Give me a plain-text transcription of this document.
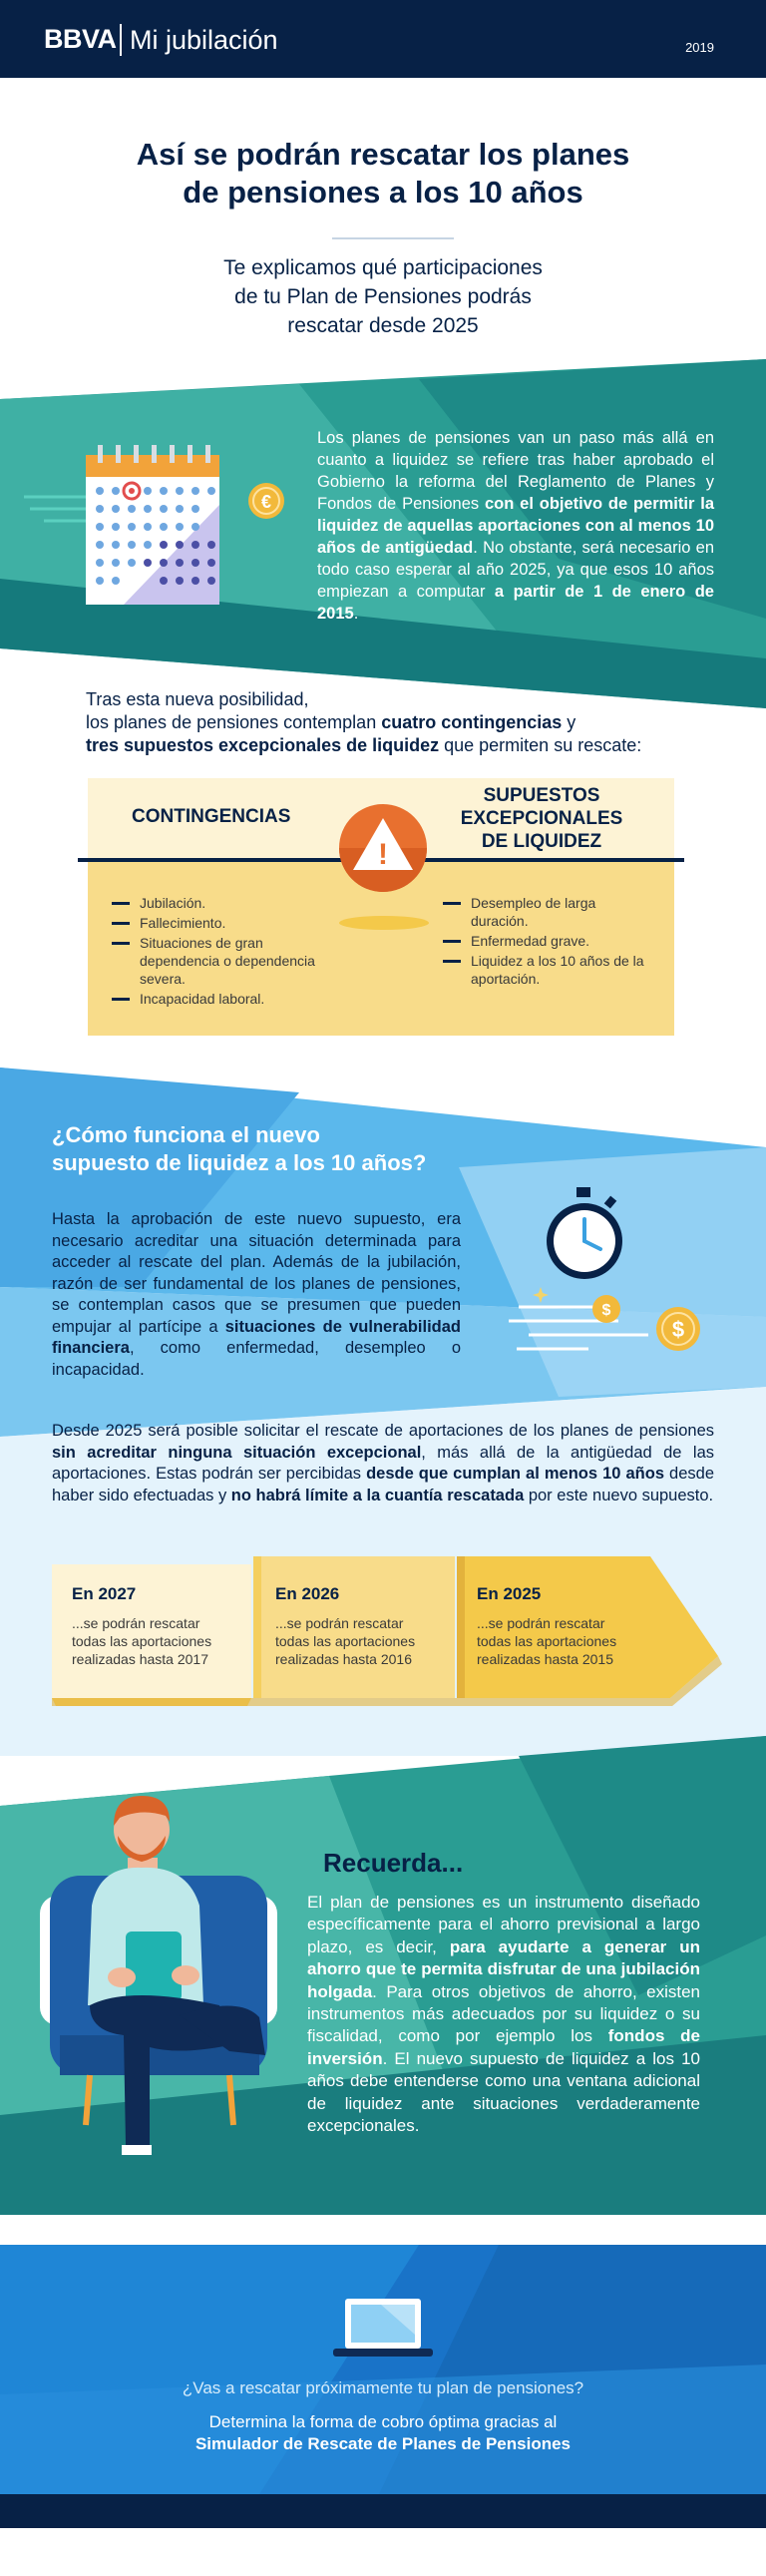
BBVA Mi jubilación	2019
Así se podrán rescatar los planes
de pensiones a los 10 años
Te explicamos qué participaciones
de tu Plan de Pensiones podrás
rescatar desde 2025
€
Los planes de pensiones van un paso más allá en cuanto a liquidez se refiere tras haber aprobado el Gobierno la reforma del Reglamento de Planes y Fondos de Pensiones con el objetivo de permitir la liquidez de aquellas aportaciones con al menos 10 años de antigüedad. No obstante, será necesario en todo caso esperar al año 2025, ya que esos 10 años empiezan a computar a partir de 1 de enero de 2015.
Tras esta nueva posibilidad,
los planes de pensiones contemplan cuatro contingencias y
tres supuestos excepcionales de liquidez que permiten su rescate:
CONTINGENCIAS
SUPUESTOS
EXCEPCIONALES
DE LIQUIDEZ
!
Jubilación.
Fallecimiento.
Situaciones de gran dependencia o dependencia severa.
Incapacidad laboral.
Desempleo de larga duración.
Enfermedad grave.
Liquidez a los 10 años de la aportación.
¿Cómo funciona el nuevo
supuesto de liquidez a los 10 años?
Hasta la aprobación de este nuevo supuesto, era necesario acreditar una situación determinada para acceder al rescate del plan. Además de la jubilación, razón de ser fundamental de los planes de pensiones, se contemplan casos que se presumen que pueden empujar al partícipe a situaciones de vulnerabilidad financiera, como enfermedad, desempleo o incapacidad.
$
$
Desde 2025 será posible solicitar el rescate de aportaciones de los planes de pensiones sin acreditar ninguna situación excepcional, más allá de la antigüedad de las aportaciones. Estas podrán ser percibidas desde que cumplan al menos 10 años desde haber sido efectuadas y no habrá límite a la cuantía rescatada por este nuevo supuesto.
En 2027
...se podrán rescatar
todas las aportaciones
realizadas hasta 2017
En 2026
...se podrán rescatar
todas las aportaciones
realizadas hasta 2016
En 2025
...se podrán rescatar
todas las aportaciones
realizadas hasta 2015
Recuerda...
El plan de pensiones es un instrumento diseñado específicamente para el ahorro previsional a largo plazo, es decir, para ayudarte a generar un ahorro que te permita disfrutar de una jubilación holgada. Para otros objetivos de ahorro, existen instrumentos más adecuados por su liquidez o su fiscalidad, como por ejemplo los fondos de inversión. El nuevo supuesto de liquidez a los 10 años debe entenderse como una ventana adicional de liquidez ante situaciones verdaderamente excepcionales.
¿Vas a rescatar próximamente tu plan de pensiones?
Determina la forma de cobro óptima gracias al
Simulador de Rescate de Planes de Pensiones
